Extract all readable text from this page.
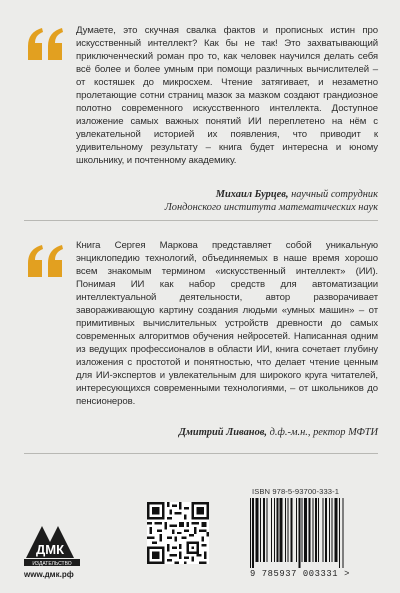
Думаете, это скучная свалка фактов и прописных истин про искусственный интеллект? Как бы не так! Это захватывающий приключенческий роман про то, как человек научился делать себя всё более и более умным при помощи различных вычислителей – от костяшек до микросхем. Чтение затягивает, и незаметно пролетающие сотни страниц мазок за мазком создают грандиозное полотно современного искусственного интеллекта. Доступное изложение самых важных понятий ИИ переплетено на нём с увлекательной историей их появления, что приводит к удивительному результату – книга будет интересна и юному школьнику, и почтенному академику.
Михаил Бурцев, научный сотрудник
Лондонского института математических наук
Книга Сергея Маркова представляет собой уникальную энциклопедию технологий, объединяемых в наше время хорошо всем знакомым термином «искусственный интеллект» (ИИ). Понимая ИИ как набор средств для автоматизации интеллектуальной деятельности, автор разворачивает завораживающую картину создания людьми «умных машин» – от примитивных вычислительных устройств древности до самых современных алгоритмов обучения нейросетей. Написанная одним из ведущих профессионалов в области ИИ, книга сочетает глубину изложения с простотой и понятностью, что делает чтение ценным для ИИ-экспертов и увлекательным для широкого круга читателей, интересующихся современными технологиями, – от школьников до пенсионеров.
Дмитрий Ливанов, д.ф.-м.н., ректор МФТИ
ДМК
ИЗДАТЕЛЬСТВО
www.дмк.рф
ISBN 978-5-93700-333-1
9 785937 003331 >
